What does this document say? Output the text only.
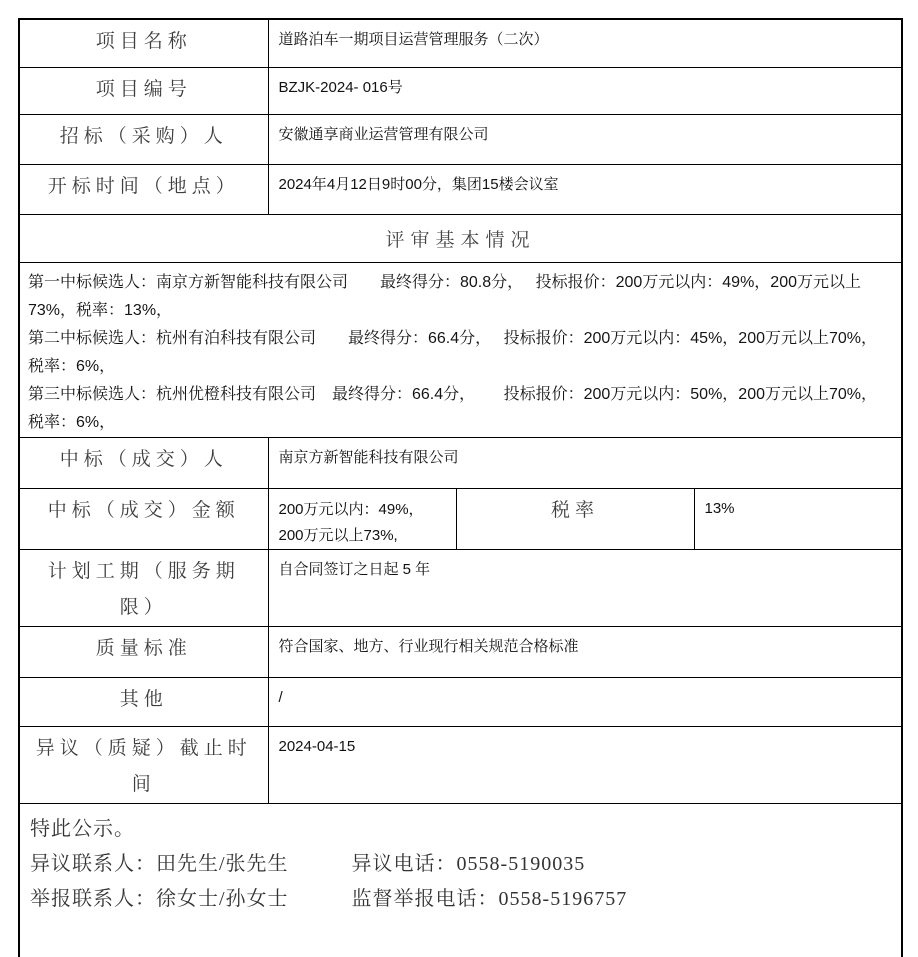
项目名称	道路泊车一期项目运营管理服务（二次）		
项目编号	BZJK-2024- 016号		
招标（采购）人	安徽通享商业运营管理有限公司		
开标时间（地点）	2024年4月12日9时00分，集团15楼会议室		
评审基本情况			

第一中标候选人：南京方新智能科技有限公司　　最终得分：80.8分，　 投标报价：200万元以内：49%，200万元以上73%，税率：13%，

第二中标候选人：杭州有泊科技有限公司　　最终得分：66.4分，　 投标报价：200万元以内：45%，200万元以上70%，税率：6%，

第三中标候选人：杭州优橙科技有限公司　最终得分：66.4分，　　 投标报价：200万元以内：50%，200万元以上70%，税率：6%，			

中标（成交）人	南京方新智能科技有限公司		
中标（成交）金额	200万元以内：49%，200万元以上73%,	税率	13%
计划工期（服务期限）	自合同签订之日起 5 年		
质量标准	符合国家、地方、行业现行相关规范合格标准		
其他	/		
异议（质疑）截止时间	2024-04-15		

特此公示。

异议联系人：田先生/张先生　　　异议电话：0558-5190035

举报联系人：徐女士/孙女士　　　监督举报电话：0558-5196757			
